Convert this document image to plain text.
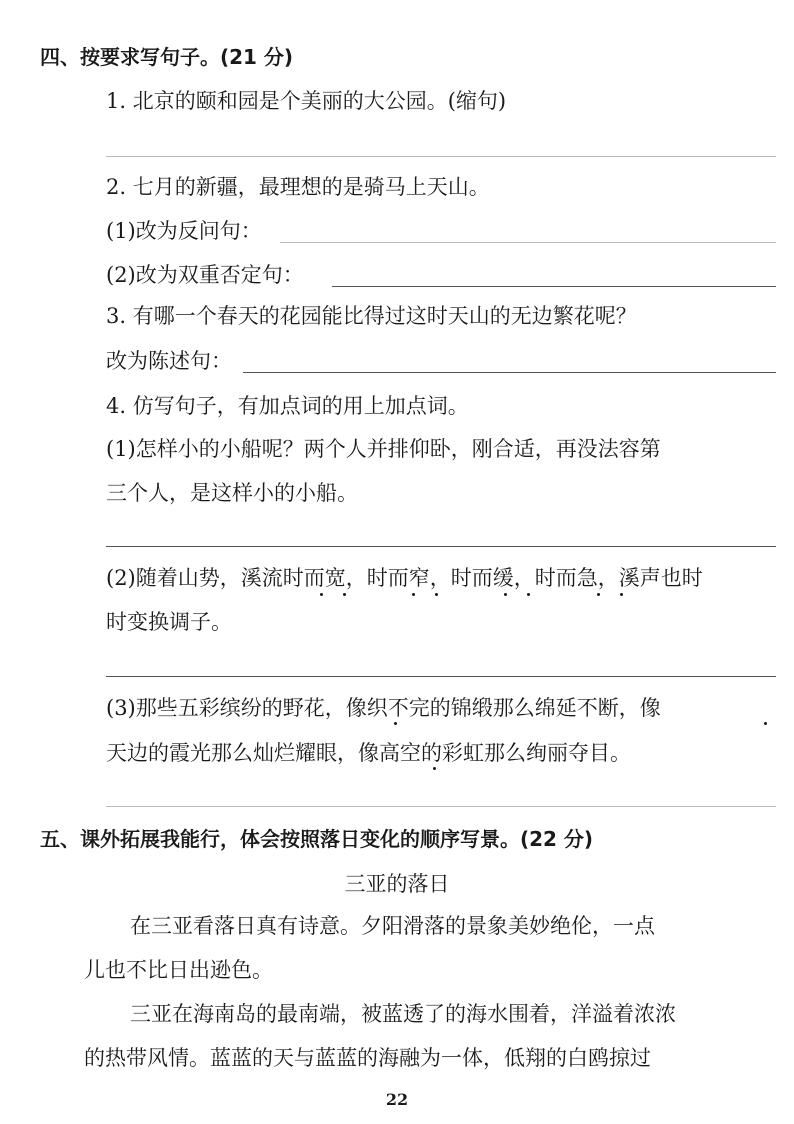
四、按要求写句子。(21 分)
1. 北京的颐和园是个美丽的大公园。(缩句)
2. 七月的新疆，最理想的是骑马上天山。
(1)改为反问句：
(2)改为双重否定句：
3. 有哪一个春天的花园能比得过这时天山的无边繁花呢？
改为陈述句：
4. 仿写句子，有加点词的用上加点词。
(1)怎样小的小船呢？两个人并排仰卧，刚合适，再没法容第
三个人，是这样小的小船。
(2)随着山势，溪流时而宽，时而窄，时而缓，时而急，溪声也时
时变换调子。
(3)那些五彩缤纷的野花，像织不完的锦缎那么绵延不断，像
天边的霞光那么灿烂耀眼，像高空的彩虹那么绚丽夺目。
五、课外拓展我能行，体会按照落日变化的顺序写景。(22 分)
三亚的落日
在三亚看落日真有诗意。夕阳滑落的景象美妙绝伦，一点
儿也不比日出逊色。
三亚在海南岛的最南端，被蓝透了的海水围着，洋溢着浓浓
的热带风情。蓝蓝的天与蓝蓝的海融为一体，低翔的白鸥掠过
22
